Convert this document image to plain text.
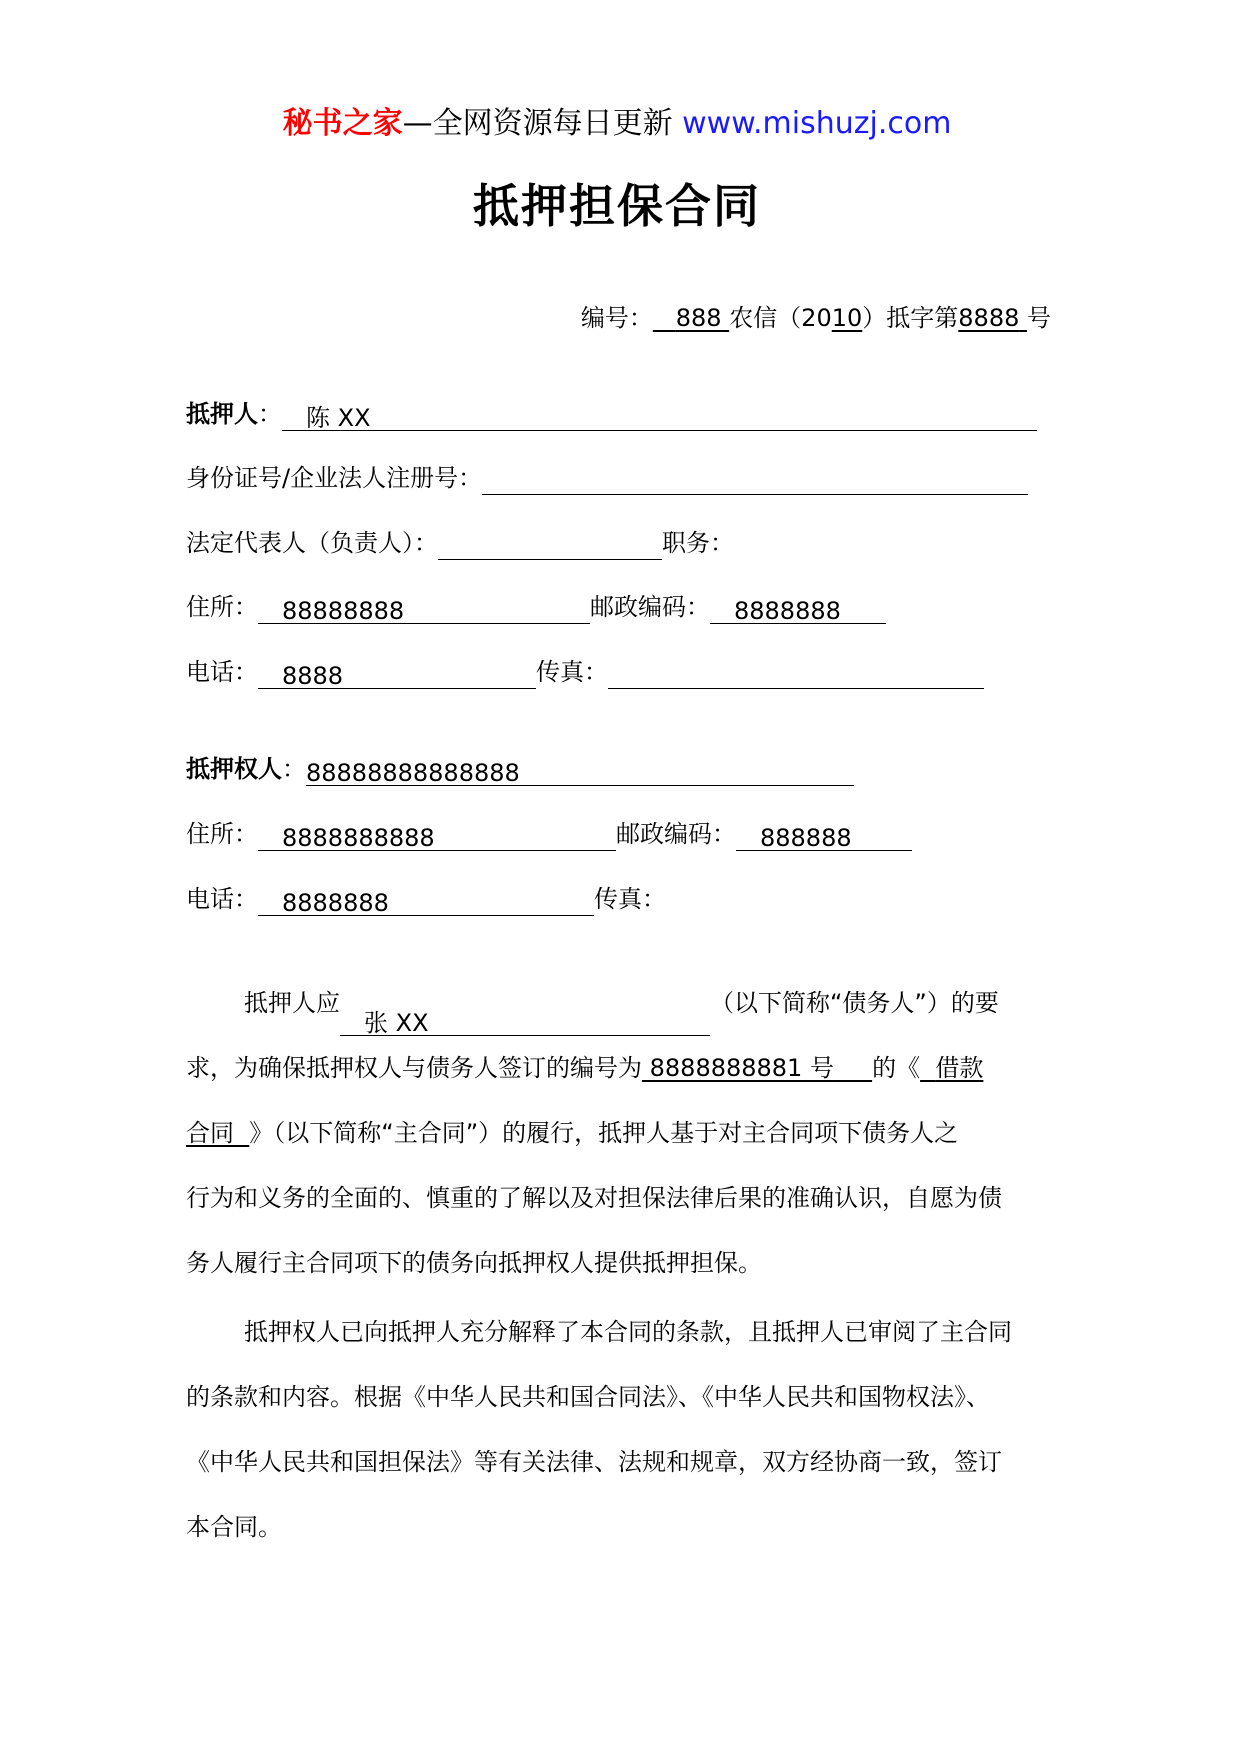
秘书之家—全网资源每日更新 www.mishuzj.com
抵押担保合同
编号： 888 农信（2010）抵字第8888 号
抵押人： 陈 XX
身份证号/企业法人注册号：
法定代表人（负责人）：	职务：
住所： 88888888	邮政编码： 8888888
电话： 8888	传真：
抵押权人：88888888888888
住所： 8888888888	邮政编码： 888888
电话： 8888888	传真：
抵押人应张 XX（以下简称“债务人”）的要
求，为确保抵押权人与债务人签订的编号为 8888888881 号 的《 借款
合同 》（以下简称“主合同”）的履行，抵押人基于对主合同项下债务人之
行为和义务的全面的、慎重的了解以及对担保法律后果的准确认识，自愿为债
务人履行主合同项下的债务向抵押权人提供抵押担保。
抵押权人已向抵押人充分解释了本合同的条款，且抵押人已审阅了主合同
的条款和内容。根据《中华人民共和国合同法》、《中华人民共和国物权法》、
《中华人民共和国担保法》等有关法律、法规和规章，双方经协商一致，签订
本合同。
